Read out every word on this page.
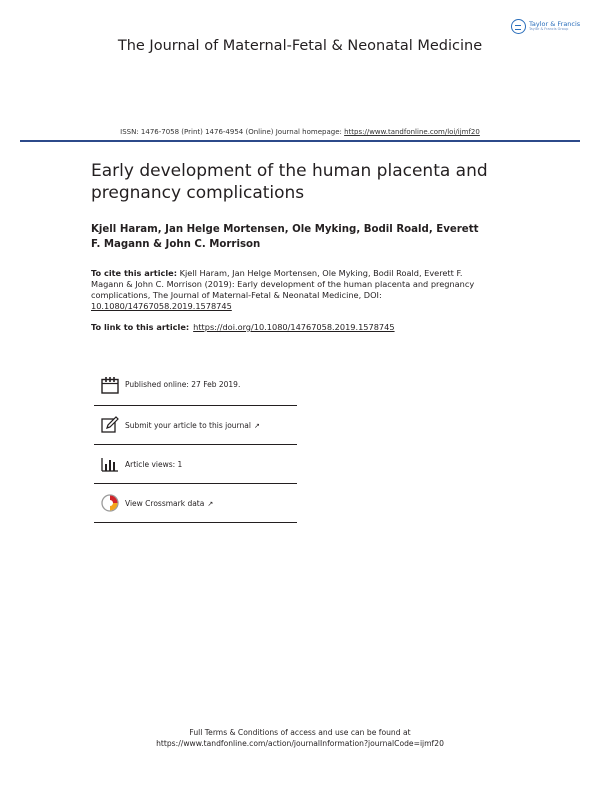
Taylor & Francis
Taylor & Francis Group
The Journal of Maternal-Fetal & Neonatal Medicine
ISSN: 1476-7058 (Print) 1476-4954 (Online) Journal homepage: https://www.tandfonline.com/loi/ijmf20
Early development of the human placenta and pregnancy complications
Kjell Haram, Jan Helge Mortensen, Ole Myking, Bodil Roald, Everett F. Magann & John C. Morrison
To cite this article: Kjell Haram, Jan Helge Mortensen, Ole Myking, Bodil Roald, Everett F. Magann & John C. Morrison (2019): Early development of the human placenta and pregnancy complications, The Journal of Maternal-Fetal & Neonatal Medicine, DOI: 10.1080/14767058.2019.1578745
To link to this article: https://doi.org/10.1080/14767058.2019.1578745
Published online: 27 Feb 2019.
Submit your article to this journal ↗
Article views: 1
View Crossmark data ↗
Full Terms & Conditions of access and use can be found at
https://www.tandfonline.com/action/journalInformation?journalCode=ijmf20
